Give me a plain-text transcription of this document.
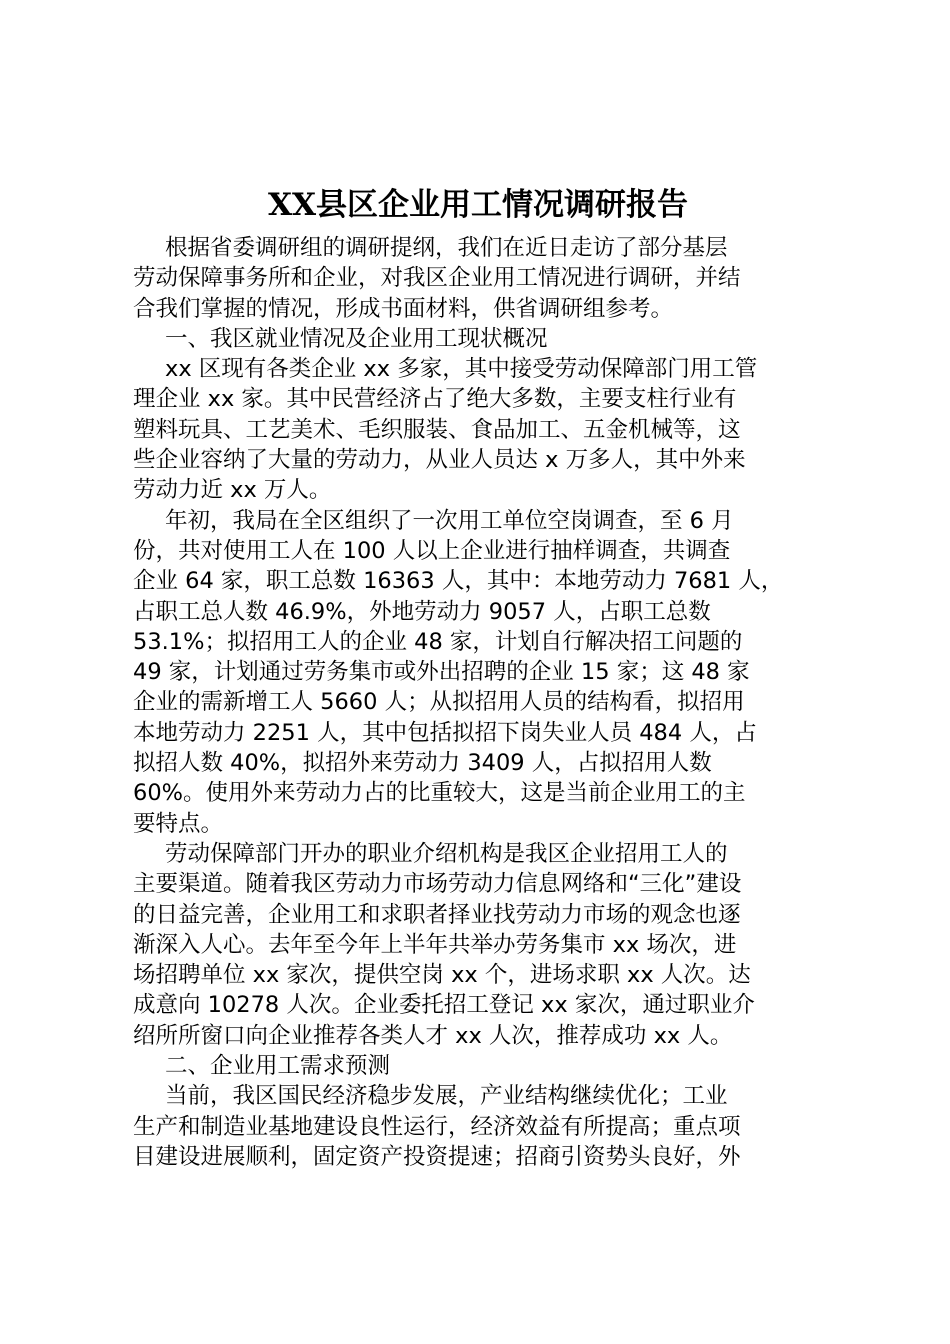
XX县区企业用工情况调研报告

根据省委调研组的调研提纲，我们在近日走访了部分基层
劳动保障事务所和企业，对我区企业用工情况进行调研，并结
合我们掌握的情况，形成书面材料，供省调研组参考。

一、我区就业情况及企业用工现状概况

xx 区现有各类企业 xx 多家，其中接受劳动保障部门用工管
理企业 xx 家。其中民营经济占了绝大多数，主要支柱行业有
塑料玩具、工艺美术、毛织服装、食品加工、五金机械等，这
些企业容纳了大量的劳动力，从业人员达 x 万多人，其中外来
劳动力近 xx 万人。

年初，我局在全区组织了一次用工单位空岗调查，至 6 月
份，共对使用工人在 100 人以上企业进行抽样调查，共调查
企业 64 家，职工总数 16363 人，其中：本地劳动力 7681 人，
占职工总人数 46.9%，外地劳动力 9057 人，占职工总数
53.1%；拟招用工人的企业 48 家，计划自行解决招工问题的
49 家，计划通过劳务集市或外出招聘的企业 15 家；这 48 家
企业的需新增工人 5660 人；从拟招用人员的结构看，拟招用
本地劳动力 2251 人，其中包括拟招下岗失业人员 484 人，占
拟招人数 40%，拟招外来劳动力 3409 人，占拟招用人数
60%。使用外来劳动力占的比重较大，这是当前企业用工的主
要特点。

劳动保障部门开办的职业介绍机构是我区企业招用工人的
主要渠道。随着我区劳动力市场劳动力信息网络和“三化”建设
的日益完善，企业用工和求职者择业找劳动力市场的观念也逐
渐深入人心。去年至今年上半年共举办劳务集市 xx 场次，进
场招聘单位 xx 家次，提供空岗 xx 个，进场求职 xx 人次。达
成意向 10278 人次。企业委托招工登记 xx 家次，通过职业介
绍所所窗口向企业推荐各类人才 xx 人次，推荐成功 xx 人。

二、企业用工需求预测

当前，我区国民经济稳步发展，产业结构继续优化；工业
生产和制造业基地建设良性运行，经济效益有所提高；重点项
目建设进展顺利，固定资产投资提速；招商引资势头良好，外
